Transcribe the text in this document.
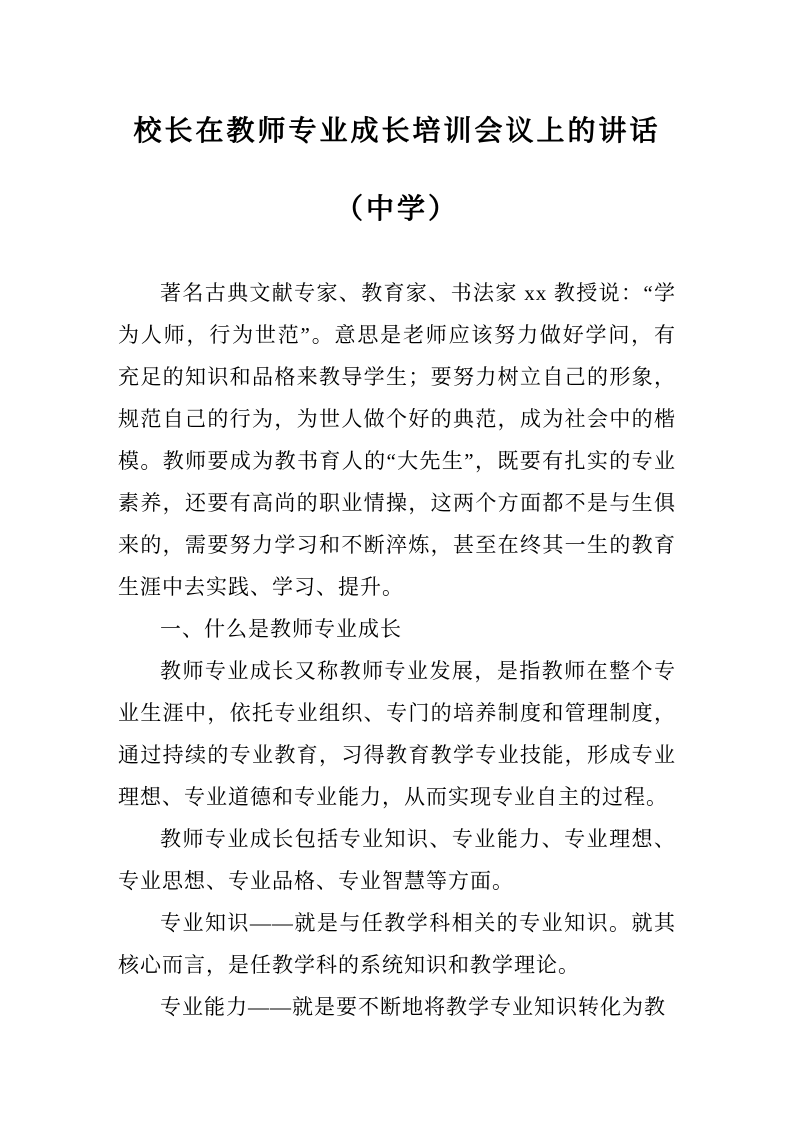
校长在教师专业成长培训会议上的讲话
（中学）

著名古典文献专家、教育家、书法家 xx 教授说：“学为人师，行为世范”。意思是老师应该努力做好学问，有充足的知识和品格来教导学生；要努力树立自己的形象，规范自己的行为，为世人做个好的典范，成为社会中的楷模。教师要成为教书育人的“大先生”，既要有扎实的专业素养，还要有高尚的职业情操，这两个方面都不是与生俱来的，需要努力学习和不断淬炼，甚至在终其一生的教育生涯中去实践、学习、提升。

一、什么是教师专业成长

教师专业成长又称教师专业发展，是指教师在整个专业生涯中，依托专业组织、专门的培养制度和管理制度，通过持续的专业教育，习得教育教学专业技能，形成专业理想、专业道德和专业能力，从而实现专业自主的过程。

教师专业成长包括专业知识、专业能力、专业理想、专业思想、专业品格、专业智慧等方面。

专业知识——就是与任教学科相关的专业知识。就其核心而言，是任教学科的系统知识和教学理论。

专业能力——就是要不断地将教学专业知识转化为教
